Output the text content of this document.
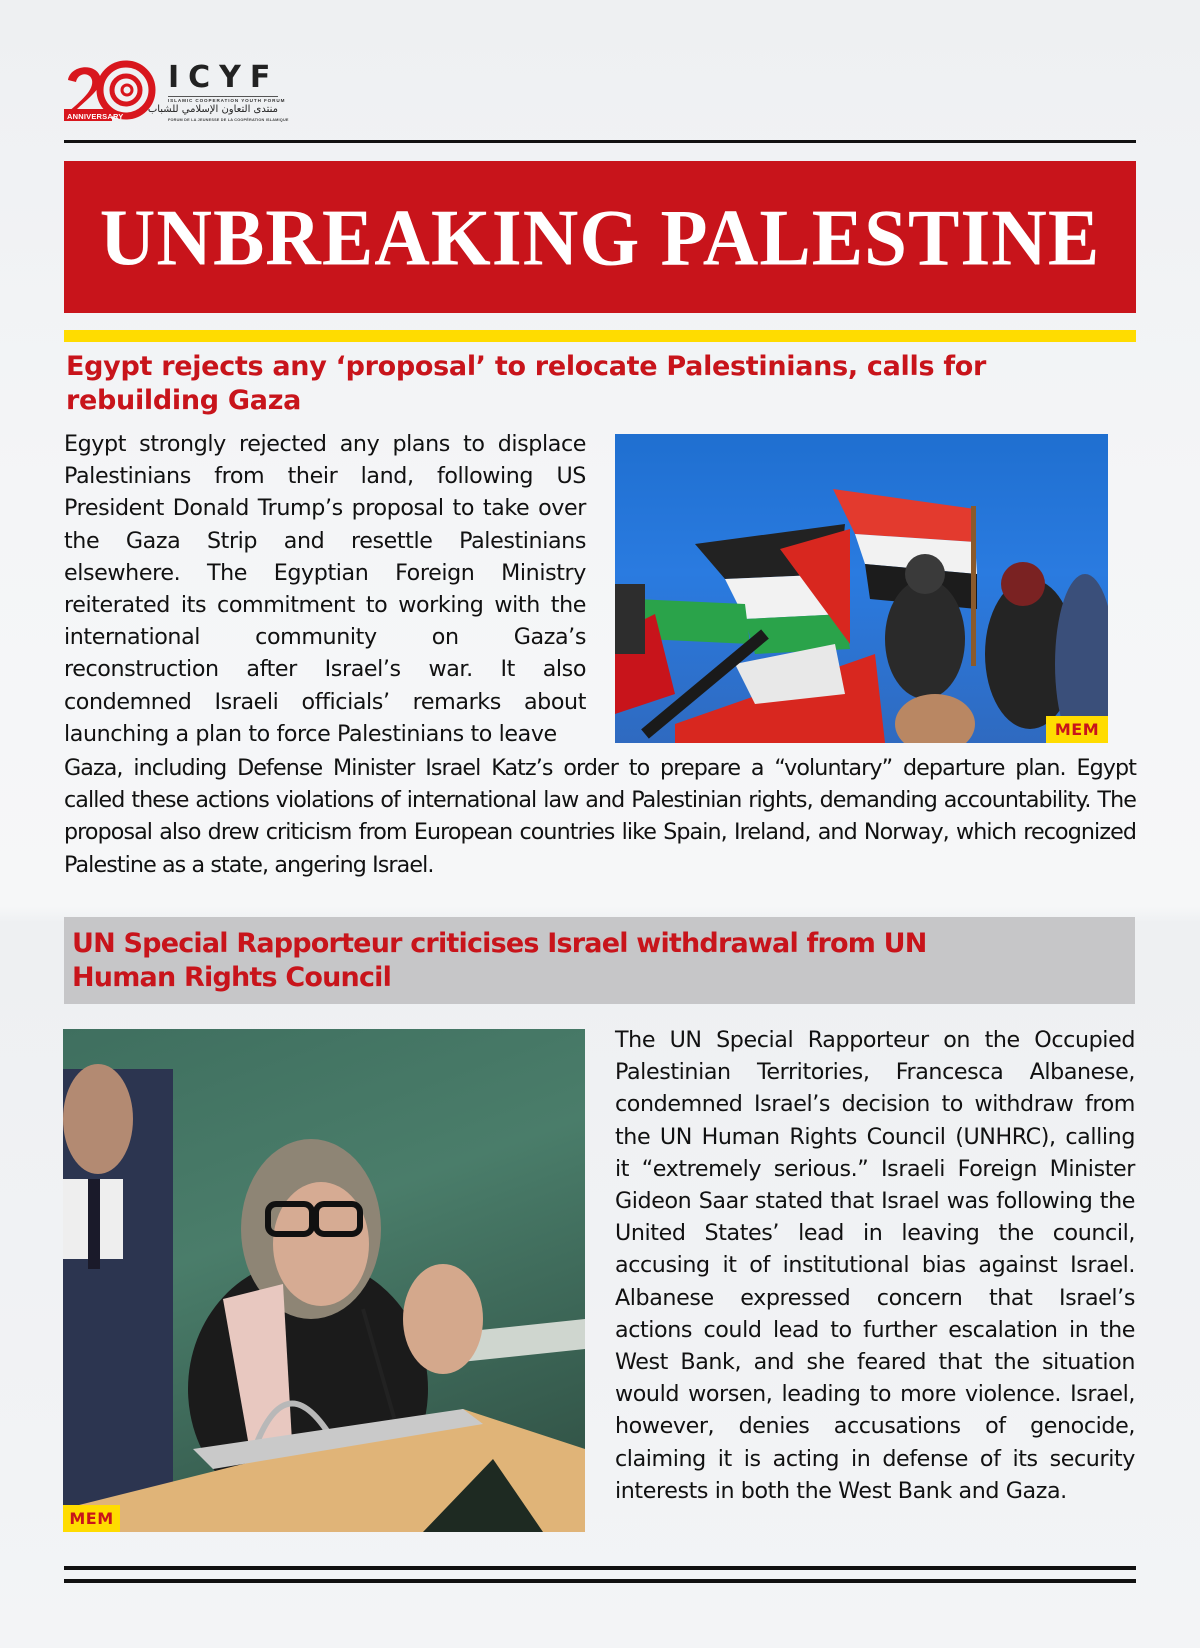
ANNIVERSARY
ICYF
ISLAMIC COOPERATION YOUTH FORUM
منتدى التعاون الإسلامي للشباب
FORUM DE LA JEUNESSE DE LA COOPÉRATION ISLAMIQUE
UNBREAKING PALESTINE
Egypt rejects any ‘proposal’ to relocate Palestinians, calls for rebuilding Gaza

Egypt strongly rejected any plans to displace Palestinians from their land, following US President Donald Trump’s proposal to take over the Gaza Strip and resettle Palestinians elsewhere. The Egyptian Foreign Ministry reiterated its commitment to working with the international community on Gaza’s reconstruction after Israel’s war. It also condemned Israeli officials’ remarks about launching a plan to force Palestinians to leave	MEM

Gaza, including Defense Minister Israel Katz’s order to prepare a “voluntary” departure plan. Egypt called these actions violations of international law and Palestinian rights, demanding accountability. The proposal also drew criticism from European countries like Spain, Ireland, and Norway, which recognized Palestine as a state, angering Israel.

UN Special Rapporteur criticises Israel withdrawal from UN Human Rights Council
MEM

The UN Special Rapporteur on the Occupied Palestinian Territories, Francesca Albanese, condemned Israel’s decision to withdraw from the UN Human Rights Council (UNHRC), calling it “extremely serious.” Israeli Foreign Minister Gideon Saar stated that Israel was following the United States’ lead in leaving the council, accusing it of institutional bias against Israel. Albanese expressed concern that Israel’s actions could lead to further escalation in the West Bank, and she feared that the situation would worsen, leading to more violence. Israel, however, denies accusations of genocide, claiming it is acting in defense of its security interests in both the West Bank and Gaza.
